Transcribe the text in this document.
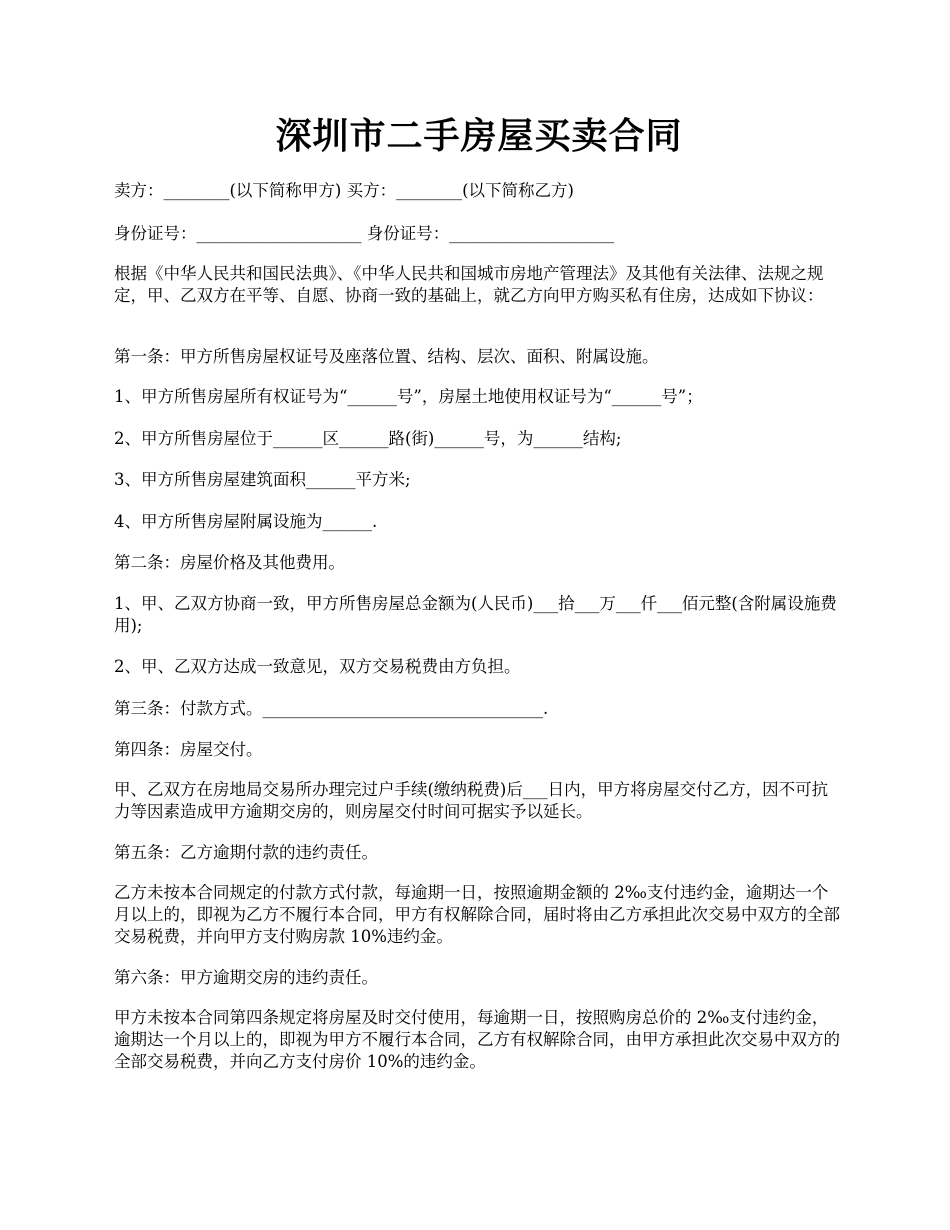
深圳市二手房屋买卖合同

卖方：________(以下简称甲方) 买方：________(以下简称乙方)

身份证号：____________________ 身份证号：____________________

根据《中华人民共和国民法典》、《中华人民共和国城市房地产管理法》及其他有关法律、法规之规定，甲、乙双方在平等、自愿、协商一致的基础上，就乙方向甲方购买私有住房，达成如下协议：

第一条：甲方所售房屋权证号及座落位置、结构、层次、面积、附属设施。

1、甲方所售房屋所有权证号为“______号”，房屋土地使用权证号为“______号”；

2、甲方所售房屋位于______区______路(街)______号，为______结构;

3、甲方所售房屋建筑面积______平方米;

4、甲方所售房屋附属设施为______.

第二条：房屋价格及其他费用。

1、甲、乙双方协商一致，甲方所售房屋总金额为(人民币)___拾___万___仟___佰元整(含附属设施费用);

2、甲、乙双方达成一致意见，双方交易税费由方负担。

第三条：付款方式。__________________________________.

第四条：房屋交付。

甲、乙双方在房地局交易所办理完过户手续(缴纳税费)后___日内，甲方将房屋交付乙方，因不可抗力等因素造成甲方逾期交房的，则房屋交付时间可据实予以延长。

第五条：乙方逾期付款的违约责任。

乙方未按本合同规定的付款方式付款，每逾期一日，按照逾期金额的 2‰支付违约金，逾期达一个月以上的，即视为乙方不履行本合同，甲方有权解除合同，届时将由乙方承担此次交易中双方的全部交易税费，并向甲方支付购房款 10%违约金。

第六条：甲方逾期交房的违约责任。

甲方未按本合同第四条规定将房屋及时交付使用，每逾期一日，按照购房总价的 2‰支付违约金，逾期达一个月以上的，即视为甲方不履行本合同，乙方有权解除合同，由甲方承担此次交易中双方的全部交易税费，并向乙方支付房价 10%的违约金。
